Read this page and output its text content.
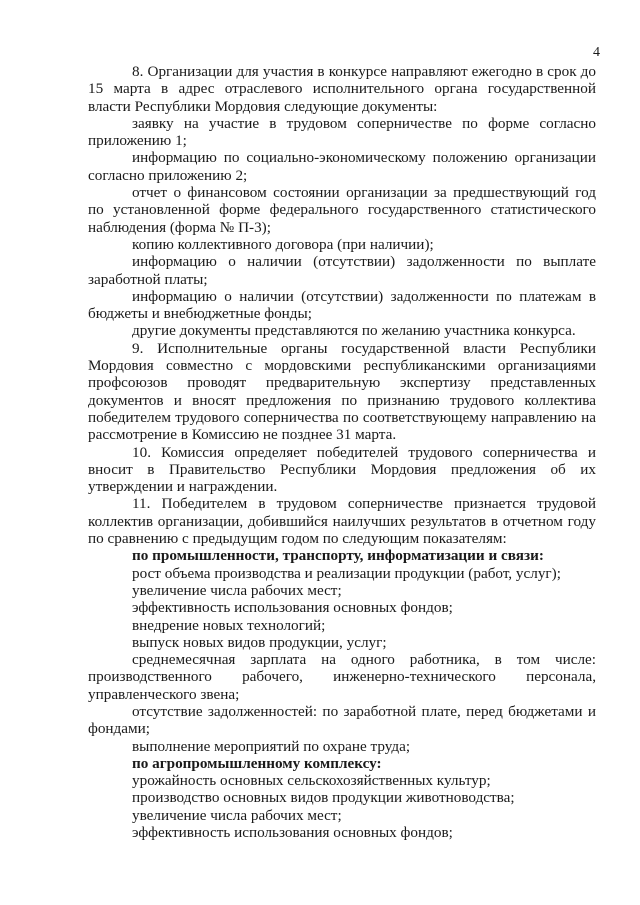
4

8. Организации для участия в конкурсе направляют ежегодно в срок до 15 марта в адрес отраслевого исполнительного органа государственной власти Республики Мордовия следующие документы:

заявку на участие в трудовом соперничестве по форме согласно приложению 1;

информацию по социально-экономическому положению организации согласно приложению 2;

отчет о финансовом состоянии организации за предшествующий год по установленной форме федерального государственного статистического наблюдения (форма № П-3);

копию коллективного договора (при наличии);

информацию о наличии (отсутствии) задолженности по выплате заработной платы;

информацию о наличии (отсутствии) задолженности по платежам в бюджеты и внебюджетные фонды;

другие документы представляются по желанию участника конкурса.

9. Исполнительные органы государственной власти Республики Мордовия совместно с мордовскими республиканскими организациями профсоюзов проводят предварительную экспертизу представленных документов и вносят предложения по признанию трудового коллектива победителем трудового соперничества по соответствующему направлению на рассмотрение в Комиссию не позднее 31 марта.

10. Комиссия определяет победителей трудового соперничества и вносит в Правительство Республики Мордовия предложения об их утверждении и награждении.

11. Победителем в трудовом соперничестве признается трудовой коллектив организации, добившийся наилучших результатов в отчетном году по сравнению с предыдущим годом по следующим показателям:

по промышленности, транспорту, информатизации и связи:

рост объема производства и реализации продукции (работ, услуг);

увеличение числа рабочих мест;

эффективность использования основных фондов;

внедрение новых технологий;

выпуск новых видов продукции, услуг;

среднемесячная зарплата на одного работника, в том числе: производственного рабочего, инженерно-технического персонала, управленческого звена;

отсутствие задолженностей: по заработной плате, перед бюджетами и фондами;

выполнение мероприятий по охране труда;

по агропромышленному комплексу:

урожайность основных сельскохозяйственных культур;

производство основных видов продукции животноводства;

увеличение числа рабочих мест;

эффективность использования основных фондов;
